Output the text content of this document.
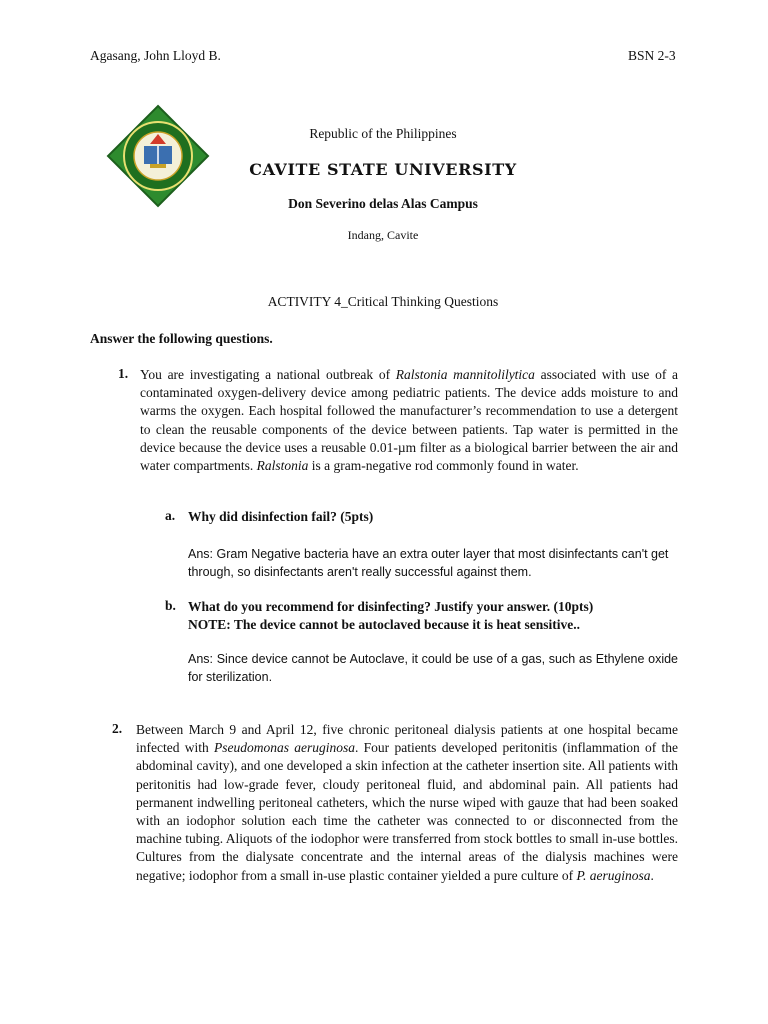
Agasang, John Lloyd B.	BSN 2-3
Republic of the Philippines
CAVITE STATE UNIVERSITY
Don Severino delas Alas Campus
Indang, Cavite
ACTIVITY 4_Critical Thinking Questions
Answer the following questions.
1. You are investigating a national outbreak of Ralstonia mannitolilytica associated with use of a contaminated oxygen-delivery device among pediatric patients. The device adds moisture to and warms the oxygen. Each hospital followed the manufacturer’s recommendation to use a detergent to clean the reusable components of the device between patients. Tap water is permitted in the device because the device uses a reusable 0.01-µm filter as a biological barrier between the air and water compartments. Ralstonia is a gram-negative rod commonly found in water.
a. Why did disinfection fail? (5pts)
Ans: Gram Negative bacteria have an extra outer layer that most disinfectants can't get through, so disinfectants aren't really successful against them.
b. What do you recommend for disinfecting? Justify your answer. (10pts)
NOTE: The device cannot be autoclaved because it is heat sensitive..
Ans: Since device cannot be Autoclave, it could be use of a gas, such as Ethylene oxide for sterilization.
2. Between March 9 and April 12, five chronic peritoneal dialysis patients at one hospital became infected with Pseudomonas aeruginosa. Four patients developed peritonitis (inflammation of the abdominal cavity), and one developed a skin infection at the catheter insertion site. All patients with peritonitis had low-grade fever, cloudy peritoneal fluid, and abdominal pain. All patients had permanent indwelling peritoneal catheters, which the nurse wiped with gauze that had been soaked with an iodophor solution each time the catheter was connected to or disconnected from the machine tubing. Aliquots of the iodophor were transferred from stock bottles to small in-use bottles. Cultures from the dialysate concentrate and the internal areas of the dialysis machines were negative; iodophor from a small in-use plastic container yielded a pure culture of P. aeruginosa.
